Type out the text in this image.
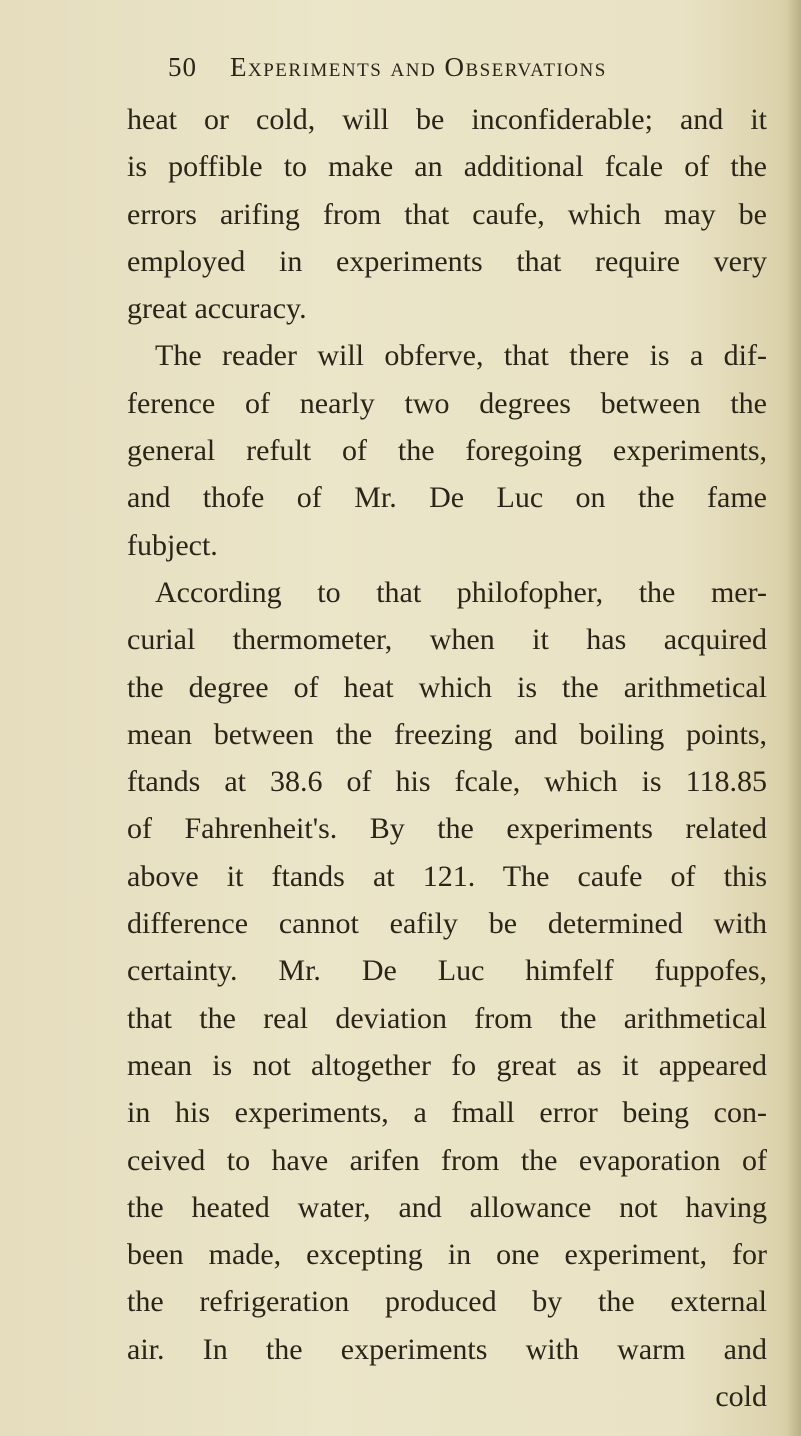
50 Experiments and Observations
heat or cold, will be inconfiderable; and it
is poffible to make an additional fcale of the
errors arifing from that caufe, which may be
employed in experiments that require very
great accuracy.
The reader will obferve, that there is a dif-
ference of nearly two degrees between the
general refult of the foregoing experiments,
and thofe of Mr. De Luc on the fame
fubject.
According to that philofopher, the mer-
curial thermometer, when it has acquired
the degree of heat which is the arithmetical
mean between the freezing and boiling points,
ftands at 38.6 of his fcale, which is 118.85
of Fahrenheit's. By the experiments related
above it ftands at 121. The caufe of this
difference cannot eafily be determined with
certainty. Mr. De Luc himfelf fuppofes,
that the real deviation from the arithmetical
mean is not altogether fo great as it appeared
in his experiments, a fmall error being con-
ceived to have arifen from the evaporation of
the heated water, and allowance not having
been made, excepting in one experiment, for
the refrigeration produced by the external
air. In the experiments with warm and
cold
